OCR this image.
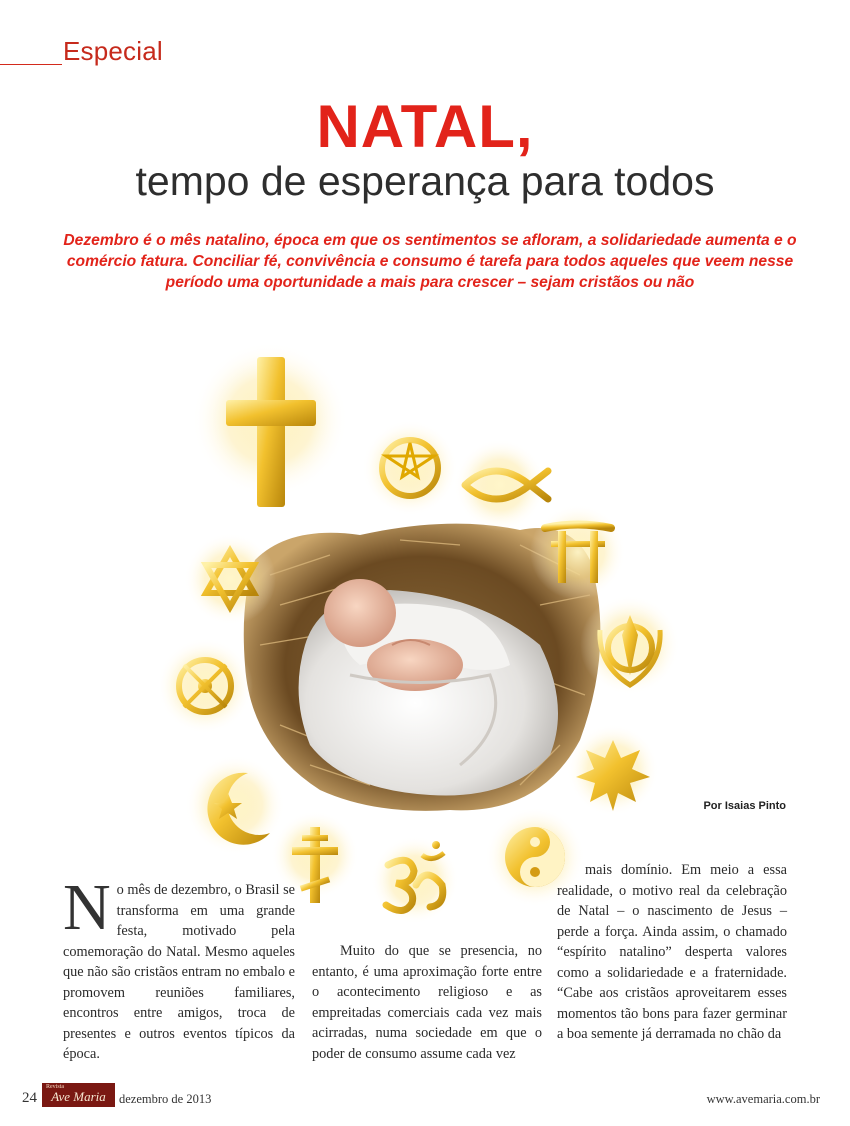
Especial
NATAL,
tempo de esperança para todos
Dezembro é o mês natalino, época em que os sentimentos se afloram, a solidariedade aumenta e o comércio fatura. Conciliar fé, convivência e consumo é tarefa para todos aqueles que veem nesse período uma oportunidade a mais para crescer – sejam cristãos ou não
Por Isaias Pinto
No mês de dezembro, o Brasil se transforma em uma grande festa, motivado pela comemoração do Natal. Mesmo aqueles que não são cristãos entram no embalo e promovem reuniões familiares, encontros entre amigos, troca de presentes e outros eventos típicos da época.
Muito do que se presencia, no entanto, é uma aproximação forte entre o acontecimento religioso e as empreitadas comerciais cada vez mais acirradas, numa sociedade em que o poder de consumo assume cada vez
mais domínio. Em meio a essa realidade, o motivo real da celebração de Natal – o nascimento de Jesus – perde a força. Ainda assim, o chamado “espírito natalino” desperta valores como a solidariedade e a fraternidade. “Cabe aos cristãos aproveitarem esses momentos tão bons para fazer germinar a boa semente já derramada no chão da
24
Revista
Ave Maria	dezembro de 2013	www.avemaria.com.br
